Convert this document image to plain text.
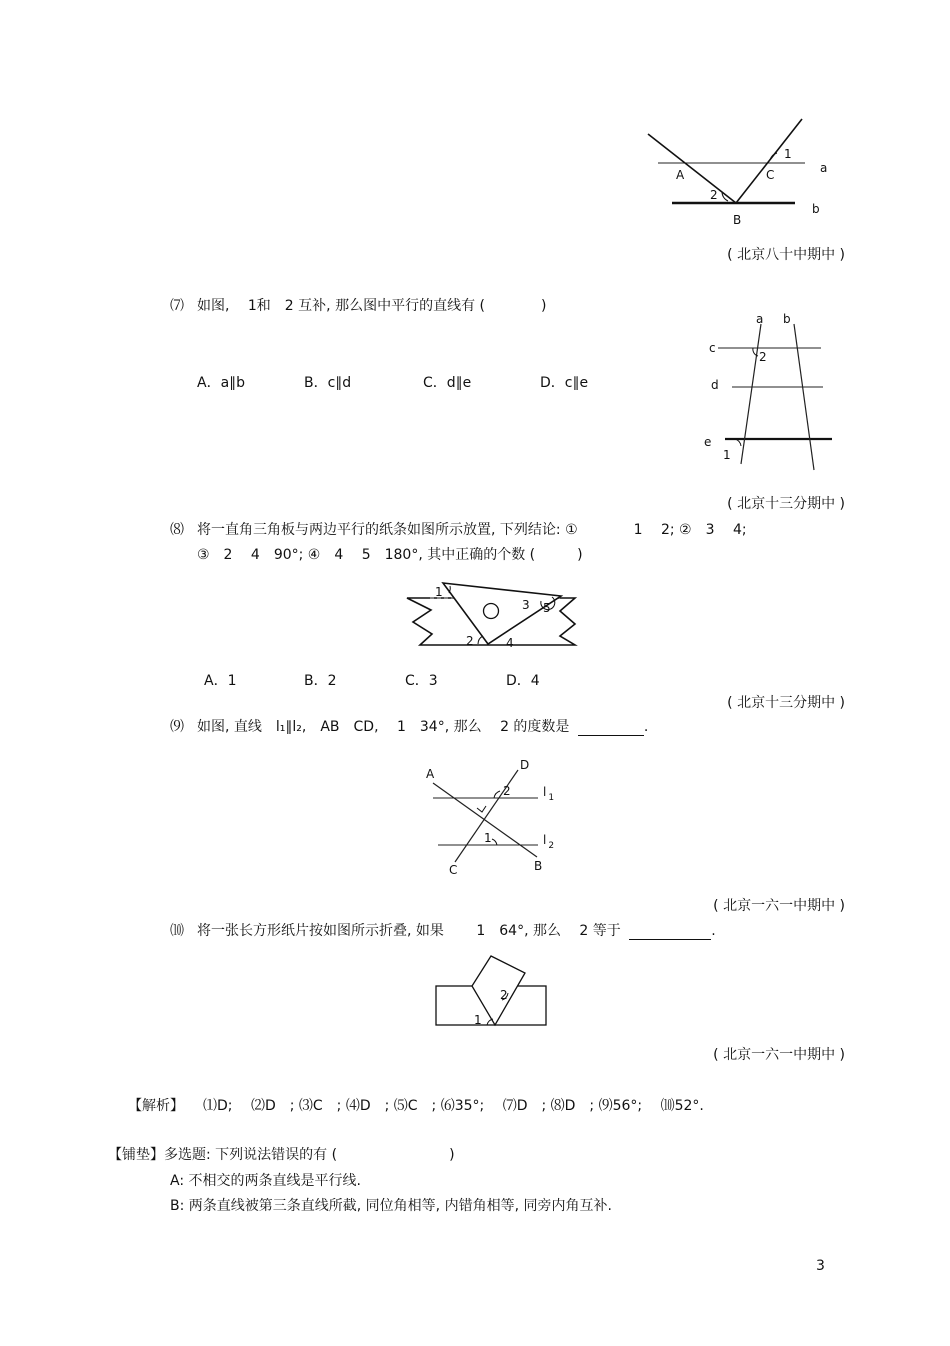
1
a
A	C
2
b
B
( 北京八十中期中 )
⑺ 如图,　 1和　2 互补, 那么图中平行的直线有 (　　　　)
A．a∥b	B．c∥d	C．d∥e	D．c∥e
a b
c
2
d
e
1
( 北京十三分期中 )
⑻ 将一直角三角板与两边平行的纸条如图所示放置, 下列结论: ①　　　　1　 2; ②　3　 4;
③　2　 4　90°; ④　4　 5　180°, 其中正确的个数 (　　　)
1
3 5
2	4
A．1	B．2	C．3	D．4
( 北京十三分期中 )
⑼ 如图, 直线　l₁∥l₂,　AB　CD,　 1　34°, 那么　 2 的度数是	.
A
D
2	l $_1$
1	l $_2$
C	B
( 北京一六一中期中 )
⑽ 将一张长方形纸片按如图所示折叠, 如果　　 1　64°, 那么　 2 等于	.
2
1
( 北京一六一中期中 )
【解析】 ⑴D; 　⑵D　; ⑶C　; ⑷D　; ⑸C　; ⑹35°; 　⑺D　; ⑻D　; ⑼56°; 　⑽52°.
【铺垫】 多选题: 下列说法错误的有 (　　　　　　　　)
A: 不相交的两条直线是平行线.
B: 两条直线被第三条直线所截, 同位角相等, 内错角相等, 同旁内角互补.
3
